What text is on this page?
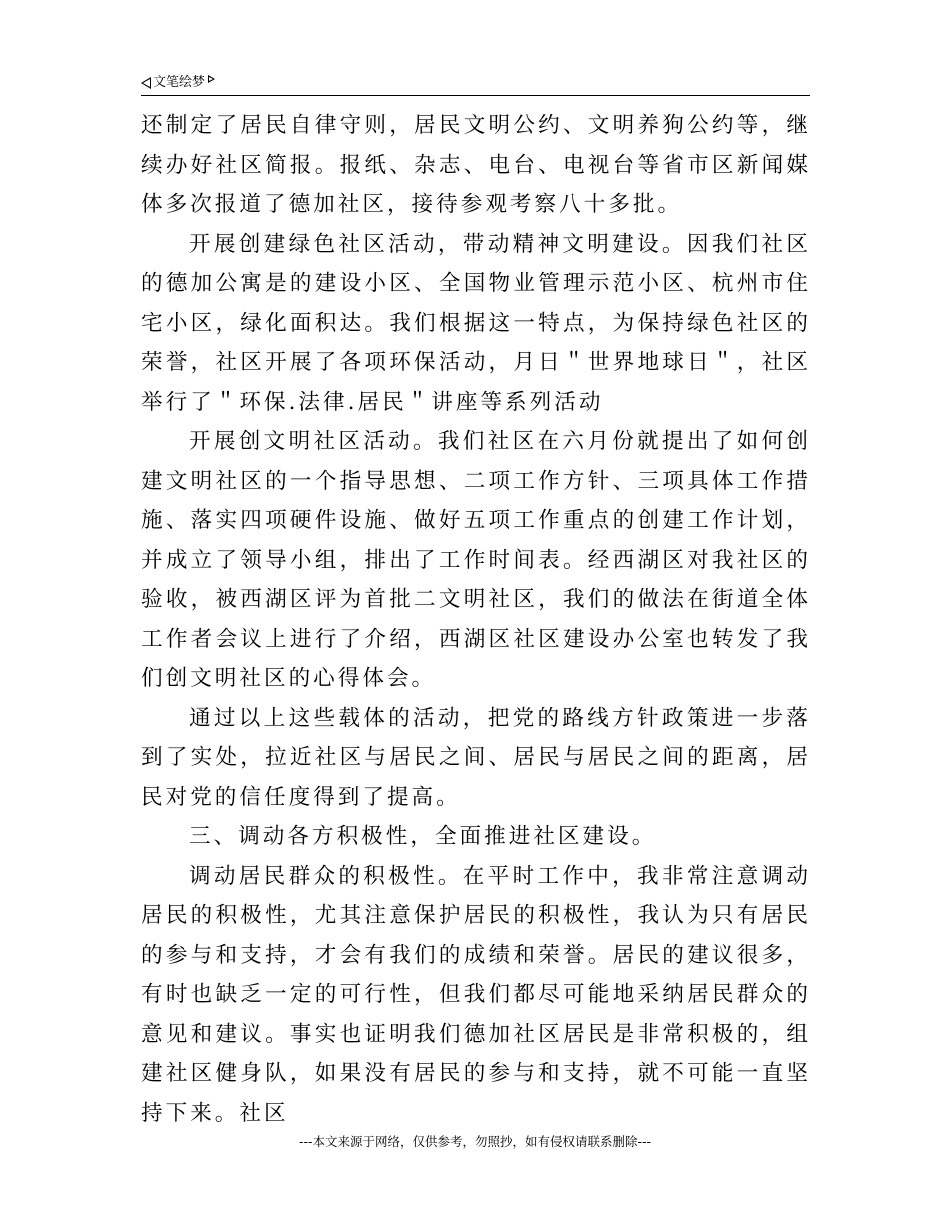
文笔绘梦

还制定了居民自律守则，居民文明公约、文明养狗公约等，继续办好社区简报。报纸、杂志、电台、电视台等省市区新闻媒体多次报道了德加社区，接待参观考察八十多批。

开展创建绿色社区活动，带动精神文明建设。因我们社区的德加公寓是的建设小区、全国物业管理示范小区、杭州市住宅小区，绿化面积达。我们根据这一特点，为保持绿色社区的荣誉，社区开展了各项环保活动，月日＂世界地球日＂，社区举行了＂环保.法律.居民＂讲座等系列活动

开展创文明社区活动。我们社区在六月份就提出了如何创建文明社区的一个指导思想、二项工作方针、三项具体工作措施、落实四项硬件设施、做好五项工作重点的创建工作计划，并成立了领导小组，排出了工作时间表。经西湖区对我社区的验收，被西湖区评为首批二文明社区，我们的做法在街道全体工作者会议上进行了介绍，西湖区社区建设办公室也转发了我们创文明社区的心得体会。

通过以上这些载体的活动，把党的路线方针政策进一步落到了实处，拉近社区与居民之间、居民与居民之间的距离，居民对党的信任度得到了提高。

三、调动各方积极性，全面推进社区建设。

调动居民群众的积极性。在平时工作中，我非常注意调动居民的积极性，尤其注意保护居民的积极性，我认为只有居民的参与和支持，才会有我们的成绩和荣誉。居民的建议很多，有时也缺乏一定的可行性，但我们都尽可能地采纳居民群众的意见和建议。事实也证明我们德加社区居民是非常积极的，组建社区健身队，如果没有居民的参与和支持，就不可能一直坚持下来。社区

---本文来源于网络，仅供参考，勿照抄，如有侵权请联系删除---
